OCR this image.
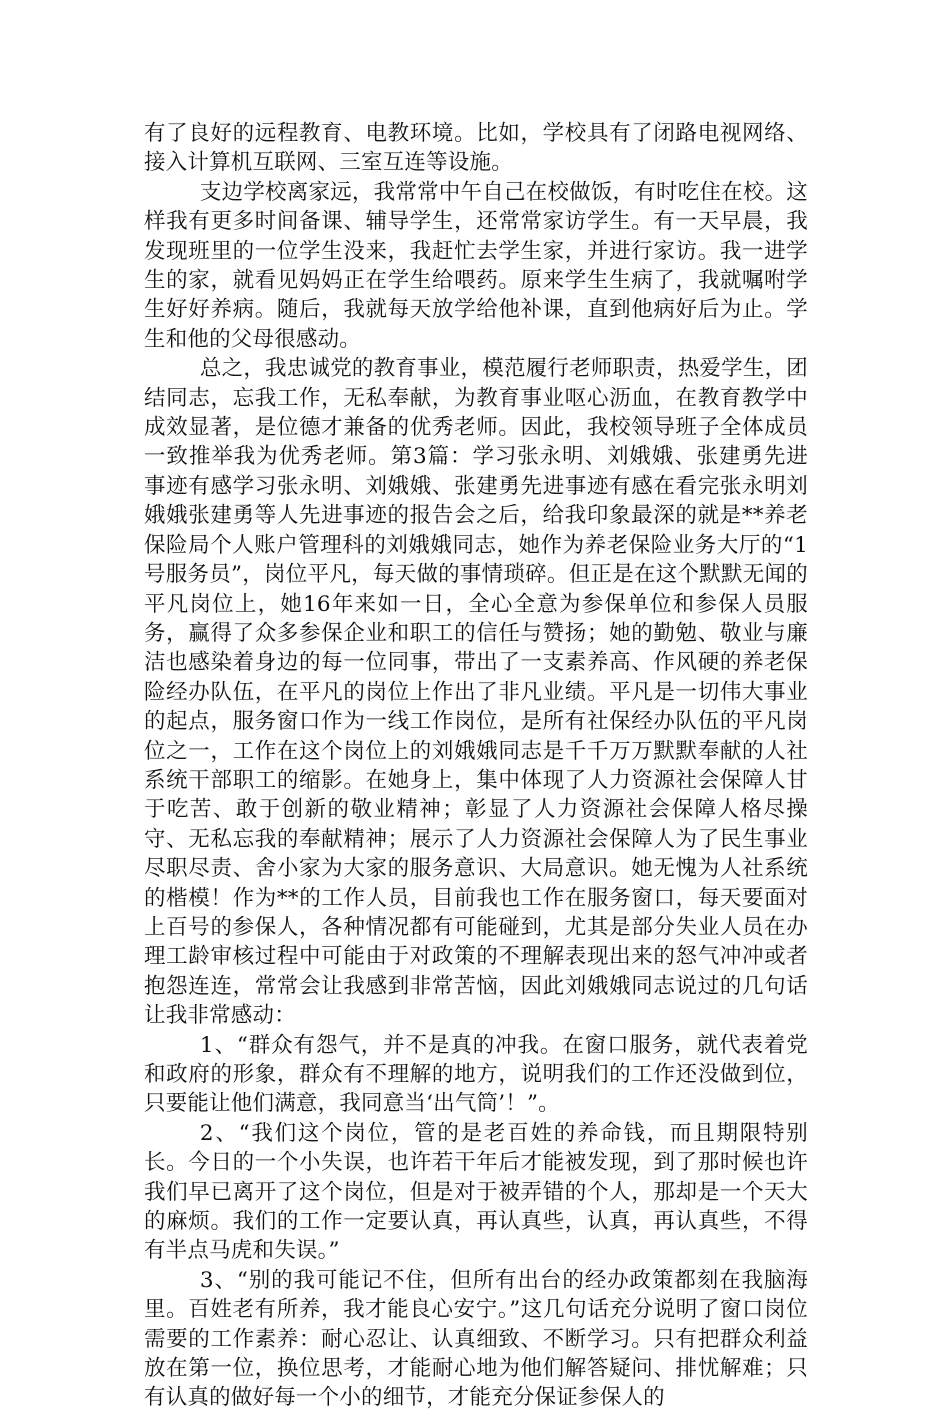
有了良好的远程教育、电教环境。比如，学校具有了闭路电视网络、接入计算机互联网、三室互连等设施。

支边学校离家远，我常常中午自己在校做饭，有时吃住在校。这样我有更多时间备课、辅导学生，还常常家访学生。有一天早晨，我发现班里的一位学生没来，我赶忙去学生家，并进行家访。我一进学生的家，就看见妈妈正在学生给喂药。原来学生生病了，我就嘱咐学生好好养病。随后，我就每天放学给他补课，直到他病好后为止。学生和他的父母很感动。

总之，我忠诚党的教育事业，模范履行老师职责，热爱学生，团结同志，忘我工作，无私奉献，为教育事业呕心沥血，在教育教学中成效显著，是位德才兼备的优秀老师。因此，我校领导班子全体成员一致推举我为优秀老师。第3篇：学习张永明、刘娥娥、张建勇先进事迹有感学习张永明、刘娥娥、张建勇先进事迹有感在看完张永明刘娥娥张建勇等人先进事迹的报告会之后，给我印象最深的就是**养老保险局个人账户管理科的刘娥娥同志，她作为养老保险业务大厅的“1号服务员”，岗位平凡，每天做的事情琐碎。但正是在这个默默无闻的平凡岗位上，她16年来如一日，全心全意为参保单位和参保人员服务，赢得了众多参保企业和职工的信任与赞扬；她的勤勉、敬业与廉洁也感染着身边的每一位同事，带出了一支素养高、作风硬的养老保险经办队伍，在平凡的岗位上作出了非凡业绩。平凡是一切伟大事业的起点，服务窗口作为一线工作岗位，是所有社保经办队伍的平凡岗位之一，工作在这个岗位上的刘娥娥同志是千千万万默默奉献的人社系统干部职工的缩影。在她身上，集中体现了人力资源社会保障人甘于吃苦、敢于创新的敬业精神；彰显了人力资源社会保障人格尽操守、无私忘我的奉献精神；展示了人力资源社会保障人为了民生事业尽职尽责、舍小家为大家的服务意识、大局意识。她无愧为人社系统的楷模！作为**的工作人员，目前我也工作在服务窗口，每天要面对上百号的参保人，各种情况都有可能碰到，尤其是部分失业人员在办理工龄审核过程中可能由于对政策的不理解表现出来的怒气冲冲或者抱怨连连，常常会让我感到非常苦恼，因此刘娥娥同志说过的几句话让我非常感动：

1、“群众有怨气，并不是真的冲我。在窗口服务，就代表着党和政府的形象，群众有不理解的地方，说明我们的工作还没做到位，只要能让他们满意，我同意当‘出气筒’！”。

2、“我们这个岗位，管的是老百姓的养命钱，而且期限特别长。今日的一个小失误，也许若干年后才能被发现，到了那时候也许我们早已离开了这个岗位，但是对于被弄错的个人，那却是一个天大的麻烦。我们的工作一定要认真，再认真些，认真，再认真些，不得有半点马虎和失误。”

3、“别的我可能记不住，但所有出台的经办政策都刻在我脑海里。百姓老有所养，我才能良心安宁。”这几句话充分说明了窗口岗位需要的工作素养：耐心忍让、认真细致、不断学习。只有把群众利益放在第一位，换位思考，才能耐心地为他们解答疑问、排忧解难；只有认真的做好每一个小的细节，才能充分保证参保人的
